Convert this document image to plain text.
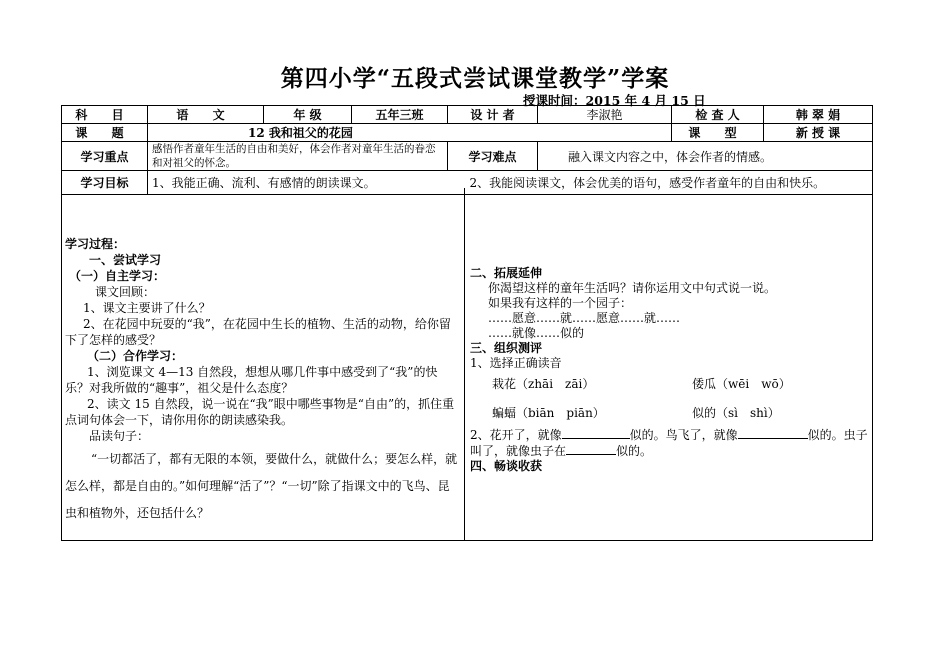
第四小学“五段式尝试课堂教学”学案
授课时间：2015 年 4 月 15 日
科 目	语 文	年 级	五年三班	设 计 者	李淑艳	检 查 人	韩 翠 娟
课 题	12 我和祖父的花园					课 型	新 授 课
学习重点	感悟作者童年生活的自由和美好，体会作者对童年生活的眷恋和对祖父的怀念。			学习难点	融入课文内容之中，体会作者的情感。		
学习目标	1、我能正确、流利、有感情的朗读课文。 2、我能阅读课文，体会优美的语句，感受作者童年的自由和快乐。						

学习过程：

一、尝试学习

（一）自主学习：

课文回顾：

1、课文主要讲了什么？

2、在花园中玩耍的“我”，在花园中生长的植物、生活的动物，给你留下了怎样的感受？

（二）合作学习：

1、浏览课文 4—13 自然段，想想从哪几件事中感受到了“我”的快乐？对我所做的“趣事”，祖父是什么态度？

2、读文 15 自然段，说一说在“我”眼中哪些事物是“自由”的，抓住重点词句体会一下，请你用你的朗读感染我。

品读句子：

“一切都活了，都有无限的本领，要做什么，就做什么；要怎么样，就怎么样，都是自由的。”如何理解“活了”？“一切”除了指课文中的飞鸟、昆虫和植物外，还包括什么？

二、拓展延伸

你渴望这样的童年生活吗？请你运用文中句式说一说。

如果我有这样的一个园子：

……愿意……就……愿意……就……

……就像……似的

三、组织测评

1、选择正确读音

栽花（zhāi　zāi）	倭瓜（wēi　wō）
蝙蝠（biān　piān）	似的（sì　shì）

2、花开了，就像	似的。鸟飞了，就像	似的。虫子叫了，就像虫子在	似的。

四、畅谈收获
